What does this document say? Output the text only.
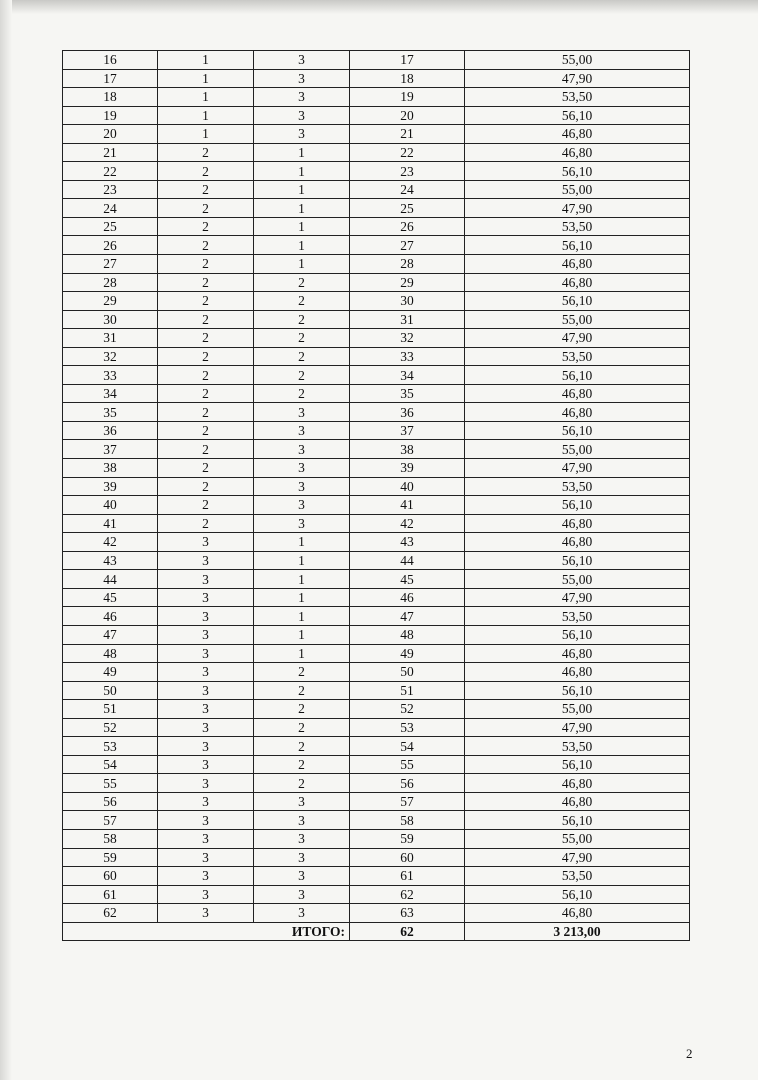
16	1	3	17	55,00
17	1	3	18	47,90
18	1	3	19	53,50
19	1	3	20	56,10
20	1	3	21	46,80
21	2	1	22	46,80
22	2	1	23	56,10
23	2	1	24	55,00
24	2	1	25	47,90
25	2	1	26	53,50
26	2	1	27	56,10
27	2	1	28	46,80
28	2	2	29	46,80
29	2	2	30	56,10
30	2	2	31	55,00
31	2	2	32	47,90
32	2	2	33	53,50
33	2	2	34	56,10
34	2	2	35	46,80
35	2	3	36	46,80
36	2	3	37	56,10
37	2	3	38	55,00
38	2	3	39	47,90
39	2	3	40	53,50
40	2	3	41	56,10
41	2	3	42	46,80
42	3	1	43	46,80
43	3	1	44	56,10
44	3	1	45	55,00
45	3	1	46	47,90
46	3	1	47	53,50
47	3	1	48	56,10
48	3	1	49	46,80
49	3	2	50	46,80
50	3	2	51	56,10
51	3	2	52	55,00
52	3	2	53	47,90
53	3	2	54	53,50
54	3	2	55	56,10
55	3	2	56	46,80
56	3	3	57	46,80
57	3	3	58	56,10
58	3	3	59	55,00
59	3	3	60	47,90
60	3	3	61	53,50
61	3	3	62	56,10
62	3	3	63	46,80
ИТОГО:			62	3 213,00
2
